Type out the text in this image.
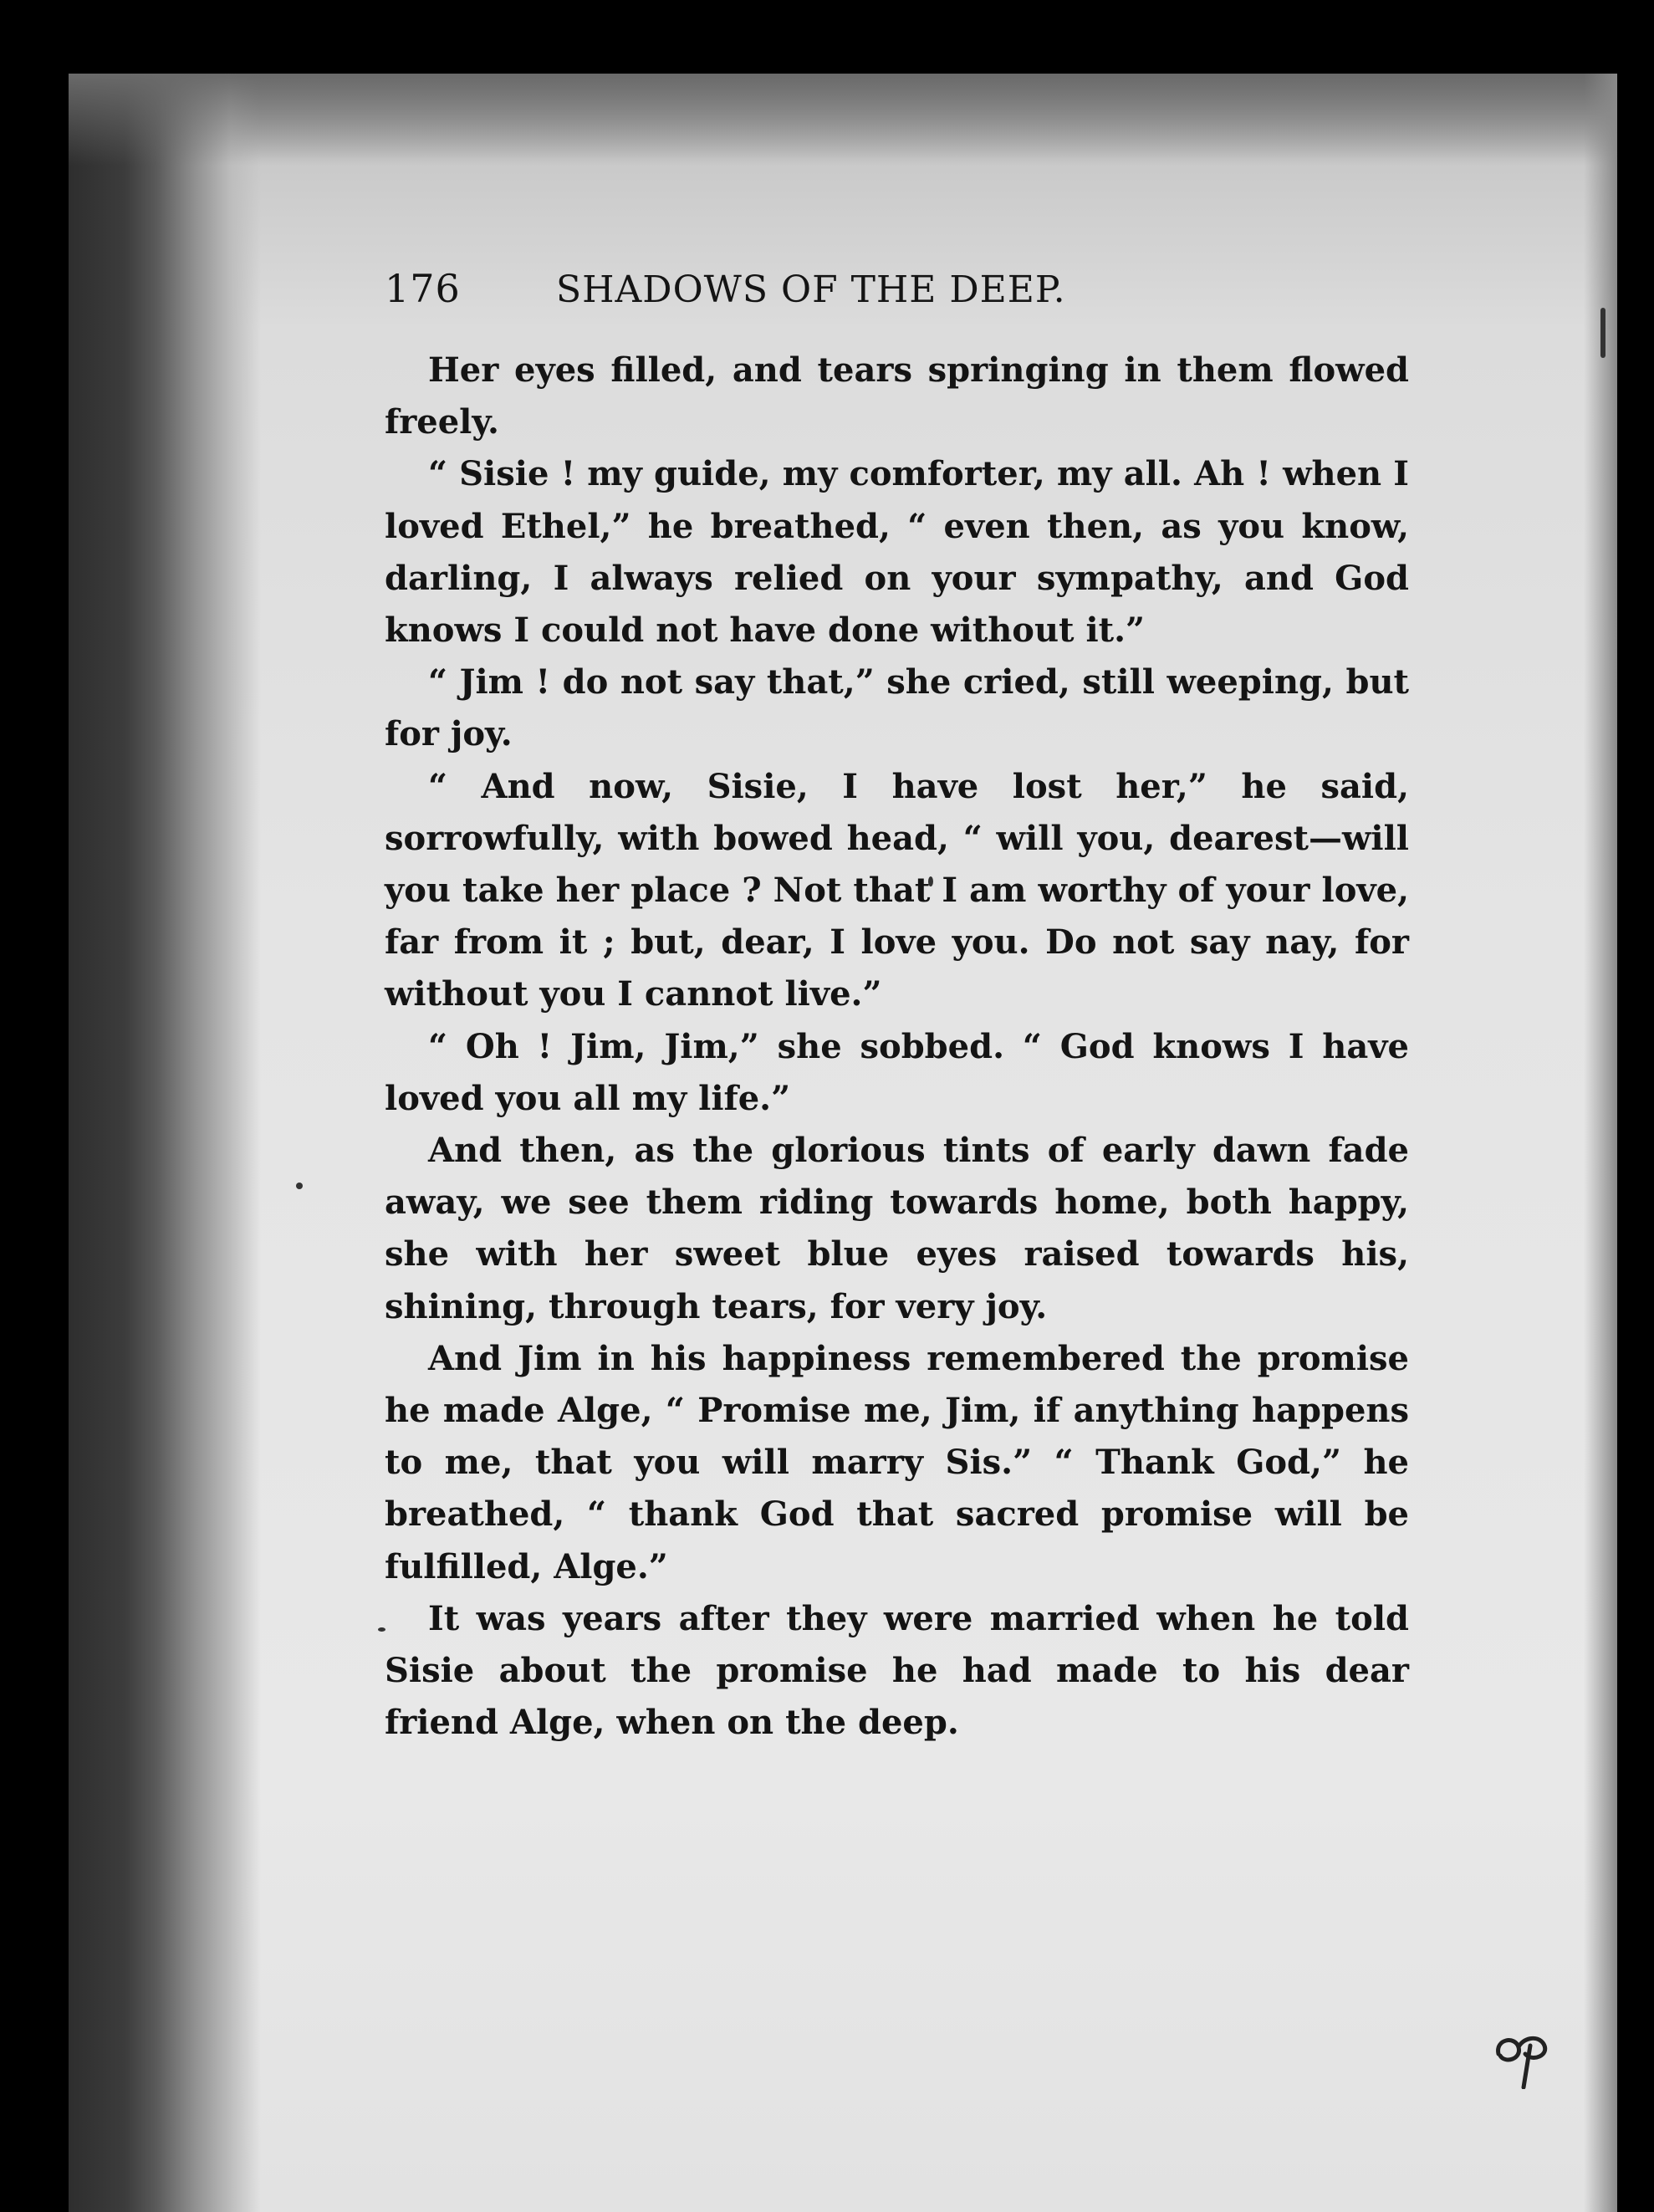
176	SHADOWS OF THE DEEP.

Her eyes filled, and tears springing in them flowed freely.

“ Sisie ! my guide, my comforter, my all. Ah ! when I loved Ethel,” he breathed, “ even then, as you know, darling, I always relied on your sympathy, and God knows I could not have done without it.”

“ Jim ! do not say that,” she cried, still weeping, but for joy.

“ And now, Sisie, I have lost her,” he said, sorrowfully, with bowed head, “ will you, dearest—will you take her place ? Not that I am worthy of your love, far from it ; but, dear, I love you. Do not say nay, for without you I cannot live.”

“ Oh ! Jim, Jim,” she sobbed. “ God knows I have loved you all my life.”

And then, as the glorious tints of early dawn fade away, we see them riding towards home, both happy, she with her sweet blue eyes raised towards his, shining, through tears, for very joy.

And Jim in his happiness remembered the promise he made Alge, “ Promise me, Jim, if anything happens to me, that you will marry Sis.” “ Thank God,” he breathed, “ thank God that sacred promise will be fulfilled, Alge.”

It was years after they were married when he told Sisie about the promise he had made to his dear friend Alge, when on the deep.
